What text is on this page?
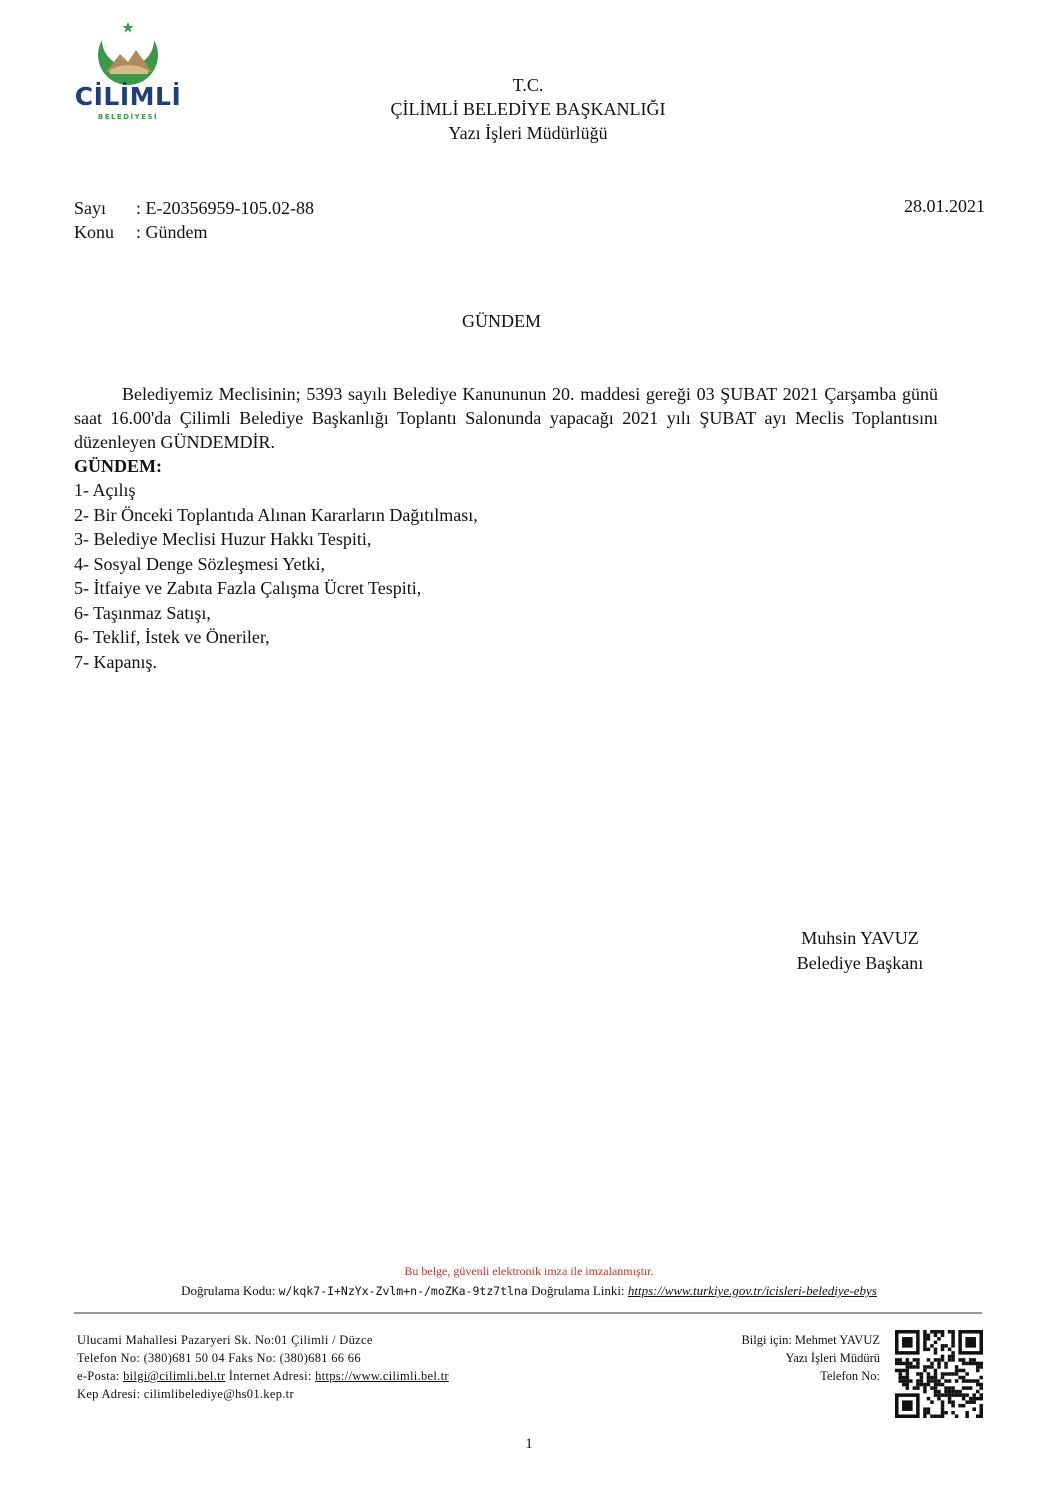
CİLİMLİ
BELEDİYESİ
T.C.
ÇİLİMLİ BELEDİYE BAŞKANLIĞI
Yazı İşleri Müdürlüğü
Sayı : E-20356959-105.02-88
Konu : Gündem
28.01.2021
GÜNDEM

Belediyemiz Meclisinin; 5393 sayılı Belediye Kanununun 20. maddesi gereği 03 ŞUBAT 2021 Çarşamba günü saat 16.00'da Çilimli Belediye Başkanlığı Toplantı Salonunda yapacağı 2021 yılı ŞUBAT ayı Meclis Toplantısını düzenleyen GÜNDEMDİR.

GÜNDEM:
1- Açılış
2- Bir Önceki Toplantıda Alınan Kararların Dağıtılması,
3- Belediye Meclisi Huzur Hakkı Tespiti,
4- Sosyal Denge Sözleşmesi Yetki,
5- İtfaiye ve Zabıta Fazla Çalışma Ücret Tespiti,
6- Taşınmaz Satışı,
6- Teklif, İstek ve Öneriler,
7- Kapanış.
Muhsin YAVUZ
Belediye Başkanı
Bu belge, güvenli elektronik imza ile imzalanmıştır.
Doğrulama Kodu: w/kqk7-I+NzYx-Zvlm+n-/moZKa-9tz7tlna Doğrulama Linki: https://www.turkiye.gov.tr/icisleri-belediye-ebys
Ulucami Mahallesi Pazaryeri Sk. No:01 Çilimli / Düzce
Telefon No: (380)681 50 04 Faks No: (380)681 66 66
e-Posta: bilgi@cilimli.bel.tr İnternet Adresi: https://www.cilimli.bel.tr
Kep Adresi: cilimlibelediye@hs01.kep.tr
Bilgi için: Mehmet YAVUZ
Yazı İşleri Müdürü
Telefon No:
1
